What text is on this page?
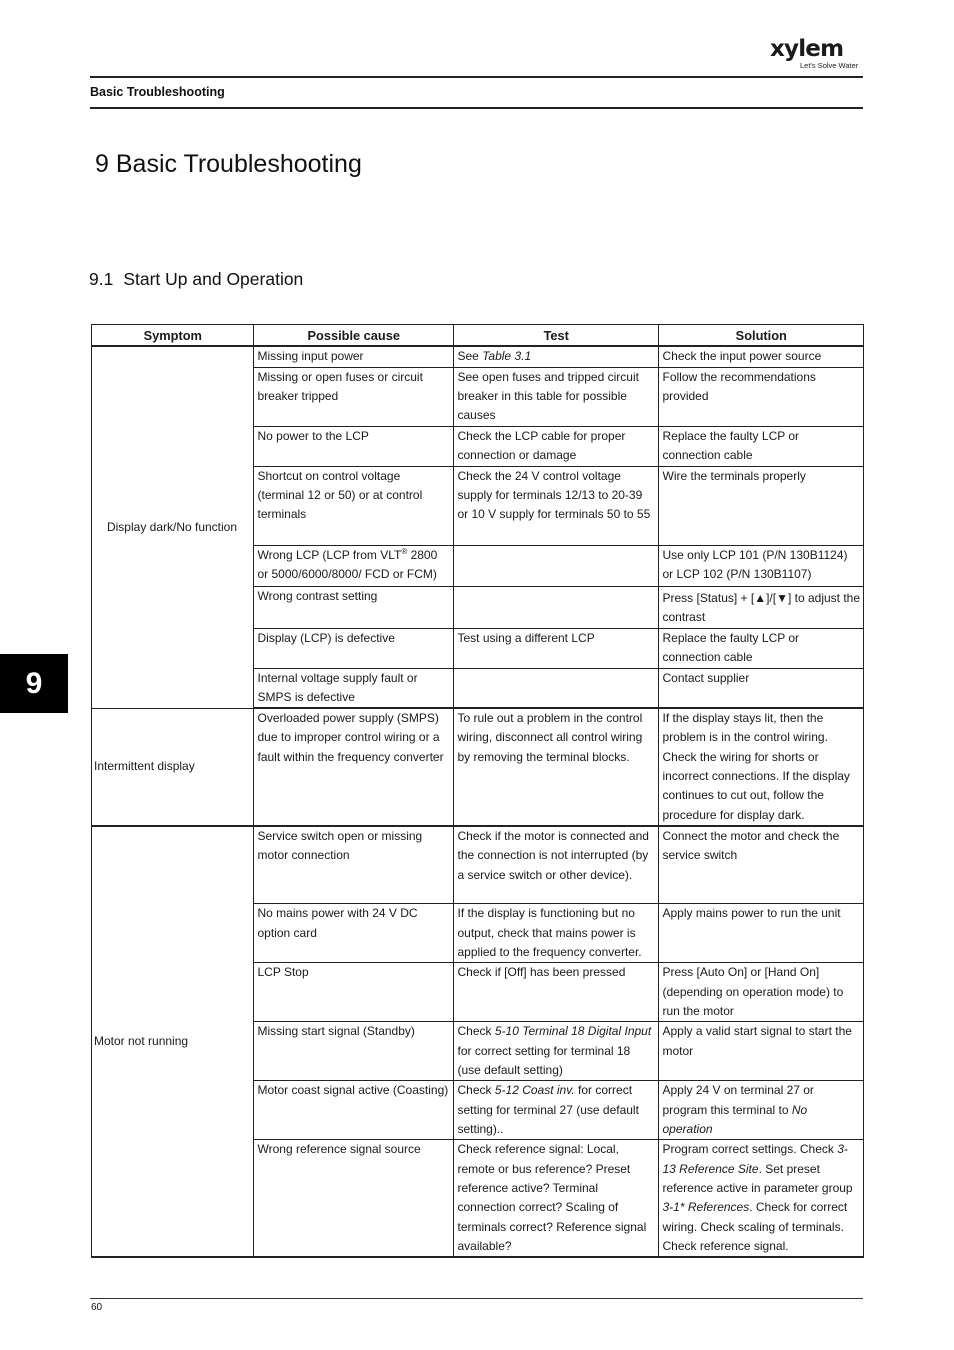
xylem
Let's Solve Water
Basic Troubleshooting
9 Basic Troubleshooting
9.1 Start Up and Operation
9
Symptom	Possible cause	Test	Solution
Display dark/No function	Missing input power	See Table 3.1	Check the input power source
	Missing or open fuses or circuit breaker tripped	See open fuses and tripped circuit breaker in this table for possible causes	Follow the recommendations provided
	No power to the LCP	Check the LCP cable for proper connection or damage	Replace the faulty LCP or connection cable
	Shortcut on control voltage (terminal 12 or 50) or at control terminals	Check the 24 V control voltage supply for terminals 12/13 to 20-39 or 10 V supply for terminals 50 to 55	Wire the terminals properly
	Wrong LCP (LCP from VLT® 2800 or 5000/6000/8000/ FCD or FCM)		Use only LCP 101 (P/N 130B1124) or LCP 102 (P/N 130B1107)
	Wrong contrast setting		Press [Status] + [▲]/[▼] to adjust the contrast
	Display (LCP) is defective	Test using a different LCP	Replace the faulty LCP or connection cable
	Internal voltage supply fault or SMPS is defective		Contact supplier
Intermittent display	Overloaded power supply (SMPS) due to improper control wiring or a fault within the frequency converter	To rule out a problem in the control wiring, disconnect all control wiring by removing the terminal blocks.	If the display stays lit, then the problem is in the control wiring. Check the wiring for shorts or incorrect connections. If the display continues to cut out, follow the procedure for display dark.
Motor not running	Service switch open or missing motor connection	Check if the motor is connected and the connection is not interrupted (by a service switch or other device).	Connect the motor and check the service switch
	No mains power with 24 V DC option card	If the display is functioning but no output, check that mains power is applied to the frequency converter.	Apply mains power to run the unit
	LCP Stop	Check if [Off] has been pressed	Press [Auto On] or [Hand On] (depending on operation mode) to run the motor
	Missing start signal (Standby)	Check 5-10 Terminal 18 Digital Input for correct setting for terminal 18 (use default setting)	Apply a valid start signal to start the motor
	Motor coast signal active (Coasting)	Check 5-12 Coast inv. for correct setting for terminal 27 (use default setting)..	Apply 24 V on terminal 27 or program this terminal to No operation
	Wrong reference signal source	Check reference signal: Local, remote or bus reference? Preset reference active? Terminal connection correct? Scaling of terminals correct? Reference signal available?	Program correct settings. Check 3-13 Reference Site. Set preset reference active in parameter group 3-1* References. Check for correct wiring. Check scaling of terminals. Check reference signal.
60
